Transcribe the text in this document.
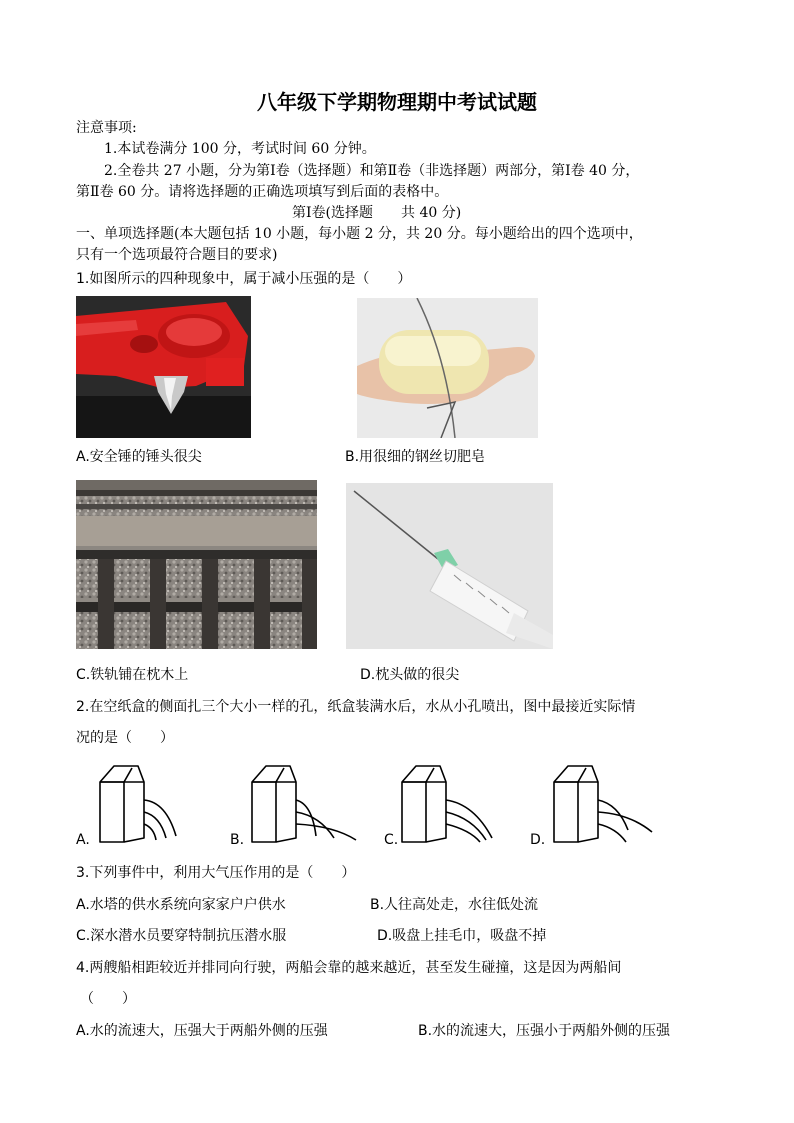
八年级下学期物理期中考试试题
注意事项:
1.本试卷满分 100 分，考试时间 60 分钟。
2.全卷共 27 小题，分为第Ⅰ卷（选择题）和第Ⅱ卷（非选择题）两部分，第Ⅰ卷 40 分，
第Ⅱ卷 60 分。请将选择题的正确选项填写到后面的表格中。
第Ⅰ卷(选择题　　共 40 分)
一、单项选择题(本大题包括 10 小题，每小题 2 分，共 20 分。每小题给出的四个选项中，
只有一个选项最符合题目的要求)
1.如图所示的四种现象中，属于减小压强的是（　　）
A.安全锤的锤头很尖	B.用很细的钢丝切肥皂
C.铁轨铺在枕木上	D.枕头做的很尖
2.在空纸盒的侧面扎三个大小一样的孔，纸盒装满水后，水从小孔喷出，图中最接近实际情
况的是（　　）
A.	B.	C.	D.
3.下列事件中，利用大气压作用的是（　　）
A.水塔的供水系统向家家户户供水	B.人往高处走，水往低处流
C.深水潜水员要穿特制抗压潜水服	D.吸盘上挂毛巾，吸盘不掉
4.两艘船相距较近并排同向行驶，两船会靠的越来越近，甚至发生碰撞，这是因为两船间
（　　）
A.水的流速大，压强大于两船外侧的压强	B.水的流速大，压强小于两船外侧的压强
